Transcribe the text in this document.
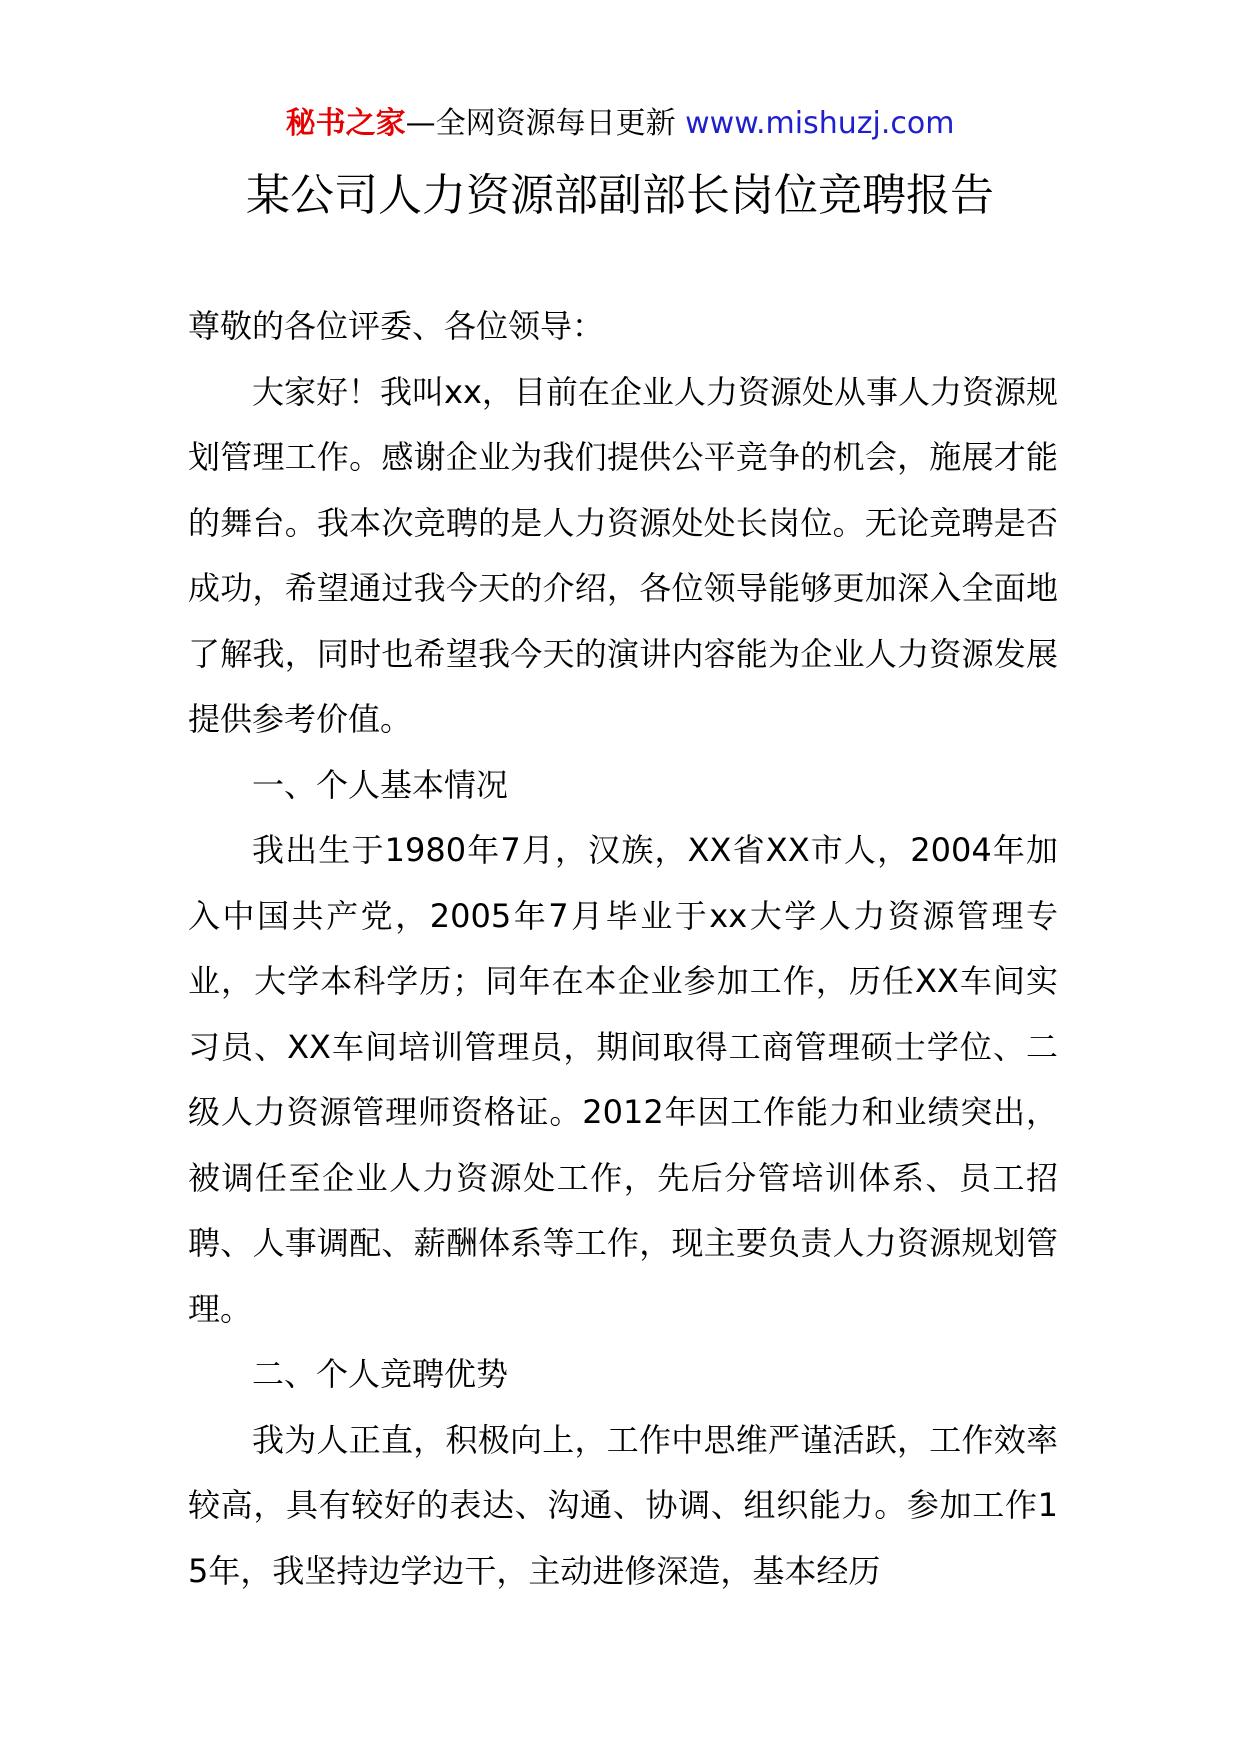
秘书之家—全网资源每日更新 www.mishuzj.com
某公司人力资源部副部长岗位竞聘报告

尊敬的各位评委、各位领导：

大家好！我叫xx，目前在企业人力资源处从事人力资源规划管理工作。感谢企业为我们提供公平竞争的机会，施展才能的舞台。我本次竞聘的是人力资源处处长岗位。无论竞聘是否成功，希望通过我今天的介绍，各位领导能够更加深入全面地了解我，同时也希望我今天的演讲内容能为企业人力资源发展提供参考价值。

一、个人基本情况

我出生于1980年7月，汉族，XX省XX市人，2004年加入中国共产党，2005年7月毕业于xx大学人力资源管理专业，大学本科学历；同年在本企业参加工作，历任XX车间实习员、XX车间培训管理员，期间取得工商管理硕士学位、二级人力资源管理师资格证。2012年因工作能力和业绩突出，被调任至企业人力资源处工作，先后分管培训体系、员工招聘、人事调配、薪酬体系等工作，现主要负责人力资源规划管理。

二、个人竞聘优势

我为人正直，积极向上，工作中思维严谨活跃，工作效率较高，具有较好的表达、沟通、协调、组织能力。参加工作15年，我坚持边学边干，主动进修深造，基本经历
